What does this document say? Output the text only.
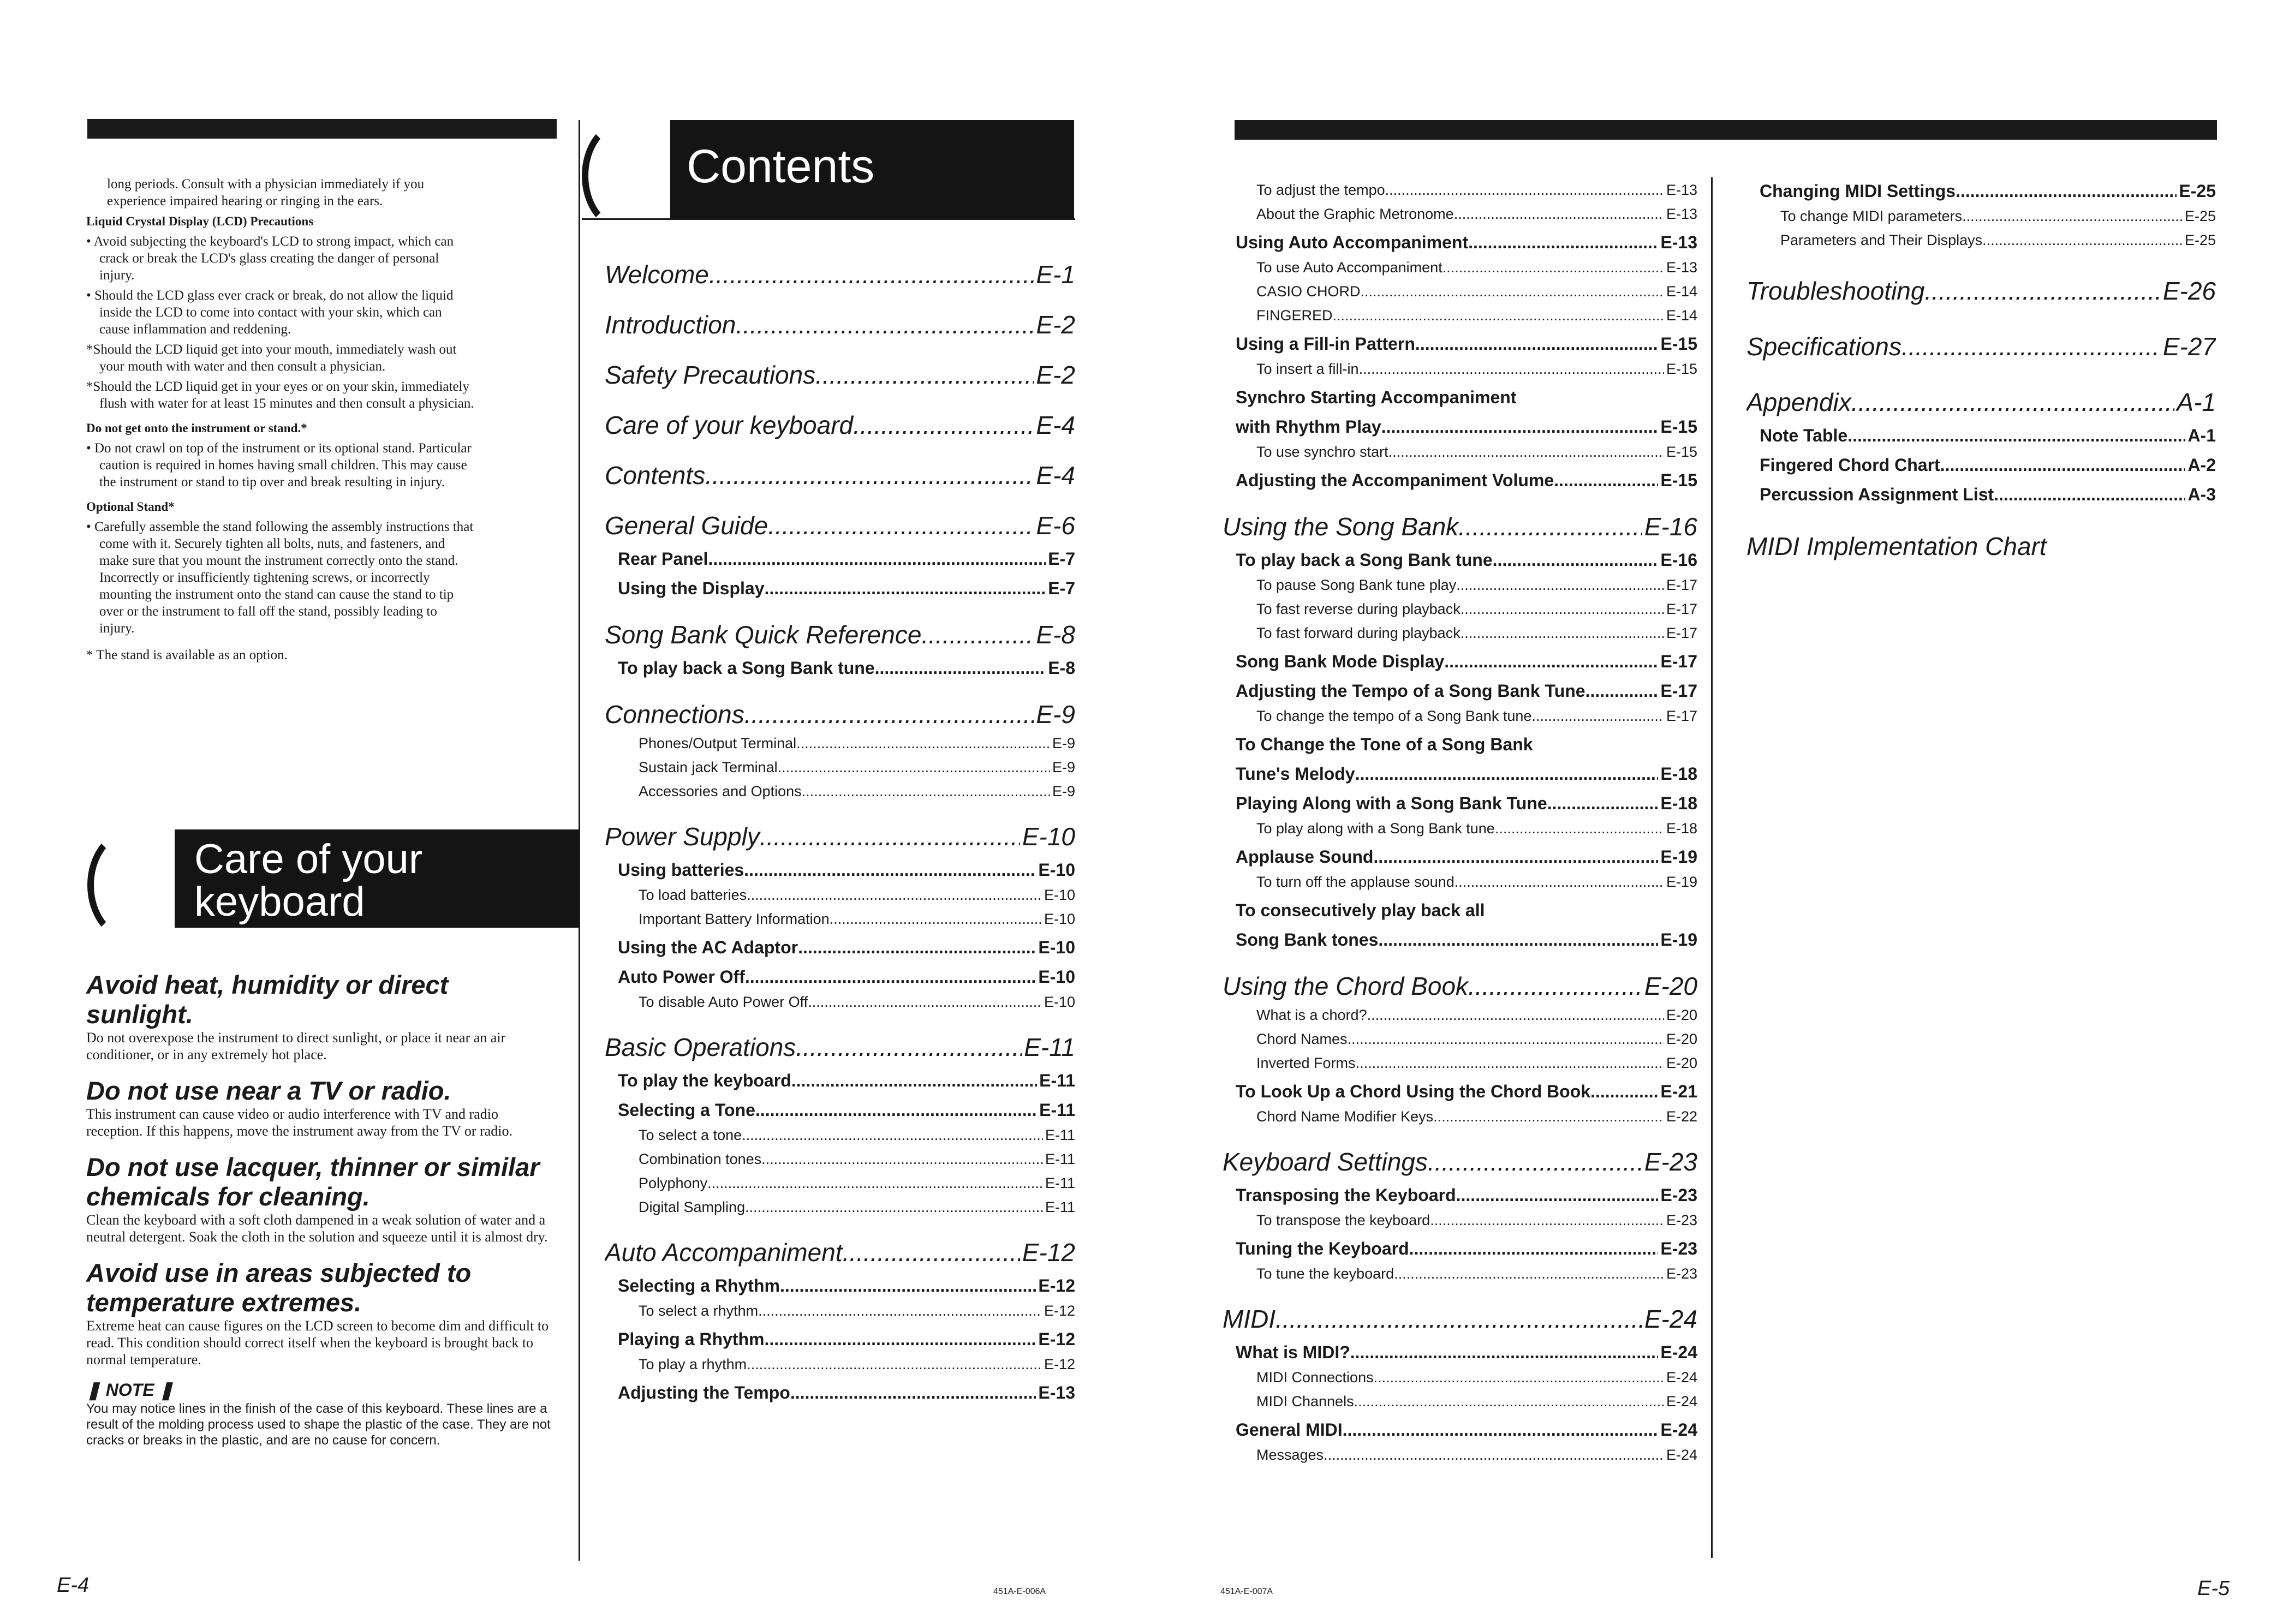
long periods. Consult with a physician immediately if you experience impaired hearing or ringing in the ears.
Liquid Crystal Display (LCD) Precautions
• Avoid subjecting the keyboard's LCD to strong impact, which can crack or break the LCD's glass creating the danger of personal injury.
• Should the LCD glass ever crack or break, do not allow the liquid inside the LCD to come into contact with your skin, which can cause inflammation and reddening.
*Should the LCD liquid get into your mouth, immediately wash out your mouth with water and then consult a physician.
*Should the LCD liquid get in your eyes or on your skin, immediately flush with water for at least 15 minutes and then consult a physician.
Do not get onto the instrument or stand.*
• Do not crawl on top of the instrument or its optional stand. Particular caution is required in homes having small children. This may cause the instrument or stand to tip over and break resulting in injury.
Optional Stand*
• Carefully assemble the stand following the assembly instructions that come with it. Securely tighten all bolts, nuts, and fasteners, and make sure that you mount the instrument correctly onto the stand. Incorrectly or insufficiently tightening screws, or incorrectly mounting the instrument onto the stand can cause the stand to tip over or the instrument to fall off the stand, possibly leading to injury.
* The stand is available as an option.
Care of your keyboard
Avoid heat, humidity or direct sunlight.
Do not overexpose the instrument to direct sunlight, or place it near an air conditioner, or in any extremely hot place.
Do not use near a TV or radio.
This instrument can cause video or audio interference with TV and radio reception. If this happens, move the instrument away from the TV or radio.
Do not use lacquer, thinner or similar chemicals for cleaning.
Clean the keyboard with a soft cloth dampened in a weak solution of water and a neutral detergent. Soak the cloth in the solution and squeeze until it is almost dry.
Avoid use in areas subjected to temperature extremes.
Extreme heat can cause figures on the LCD screen to become dim and difficult to read. This condition should correct itself when the keyboard is brought back to normal temperature.
❚ NOTE ❚
You may notice lines in the finish of the case of this keyboard. These lines are a result of the molding process used to shape the plastic of the case. They are not cracks or breaks in the plastic, and are no cause for concern.
E-4	451A-E-006A
Contents
Welcome .....	E-1
Introduction .....	E-2
Safety Precautions .....	E-2
Care of your keyboard .....	E-4
Contents .....	E-4
General Guide .....	E-6
Rear Panel .....	E-7
Using the Display .....	E-7
Song Bank Quick Reference .....	E-8
To play back a Song Bank tune .....	E-8
Connections .....	E-9
Phones/Output Terminal .....	E-9
Sustain jack Terminal .....	E-9
Accessories and Options .....	E-9
Power Supply .....	E-10
Using batteries .....	E-10
To load batteries .....	E-10
Important Battery Information .....	E-10
Using the AC Adaptor .....	E-10
Auto Power Off .....	E-10
To disable Auto Power Off .....	E-10
Basic Operations .....	E-11
To play the keyboard .....	E-11
Selecting a Tone .....	E-11
To select a tone .....	E-11
Combination tones .....	E-11
Polyphony .....	E-11
Digital Sampling .....	E-11
Auto Accompaniment .....	E-12
Selecting a Rhythm .....	E-12
To select a rhythm .....	E-12
Playing a Rhythm .....	E-12
To play a rhythm .....	E-12
Adjusting the Tempo .....	E-13
To adjust the tempo .....	E-13
About the Graphic Metronome .....	E-13
Using Auto Accompaniment .....	E-13
To use Auto Accompaniment .....	E-13
CASIO CHORD .....	E-14
FINGERED .....	E-14
Using a Fill-in Pattern .....	E-15
To insert a fill-in .....	E-15
Synchro Starting Accompaniment
with Rhythm Play .....	E-15
To use synchro start .....	E-15
Adjusting the Accompaniment Volume .....	E-15
Using the Song Bank .....	E-16
To play back a Song Bank tune .....	E-16
To pause Song Bank tune play .....	E-17
To fast reverse during playback .....	E-17
To fast forward during playback .....	E-17
Song Bank Mode Display .....	E-17
Adjusting the Tempo of a Song Bank Tune .....	E-17
To change the tempo of a Song Bank tune .....	E-17
To Change the Tone of a Song Bank
Tune's Melody .....	E-18
Playing Along with a Song Bank Tune .....	E-18
To play along with a Song Bank tune .....	E-18
Applause Sound .....	E-19
To turn off the applause sound .....	E-19
To consecutively play back all
Song Bank tones .....	E-19
Using the Chord Book .....	E-20
What is a chord? .....	E-20
Chord Names .....	E-20
Inverted Forms .....	E-20
To Look Up a Chord Using the Chord Book .....	E-21
Chord Name Modifier Keys .....	E-22
Keyboard Settings .....	E-23
Transposing the Keyboard .....	E-23
To transpose the keyboard .....	E-23
Tuning the Keyboard .....	E-23
To tune the keyboard .....	E-23
MIDI .....	E-24
What is MIDI? .....	E-24
MIDI Connections .....	E-24
MIDI Channels .....	E-24
General MIDI .....	E-24
Messages .....	E-24
Changing MIDI Settings .....	E-25
To change MIDI parameters .....	E-25
Parameters and Their Displays .....	E-25
Troubleshooting .....	E-26
Specifications .....	E-27
Appendix .....	A-1
Note Table .....	A-1
Fingered Chord Chart .....	A-2
Percussion Assignment List .....	A-3
MIDI Implementation Chart
451A-E-007A	E-5
